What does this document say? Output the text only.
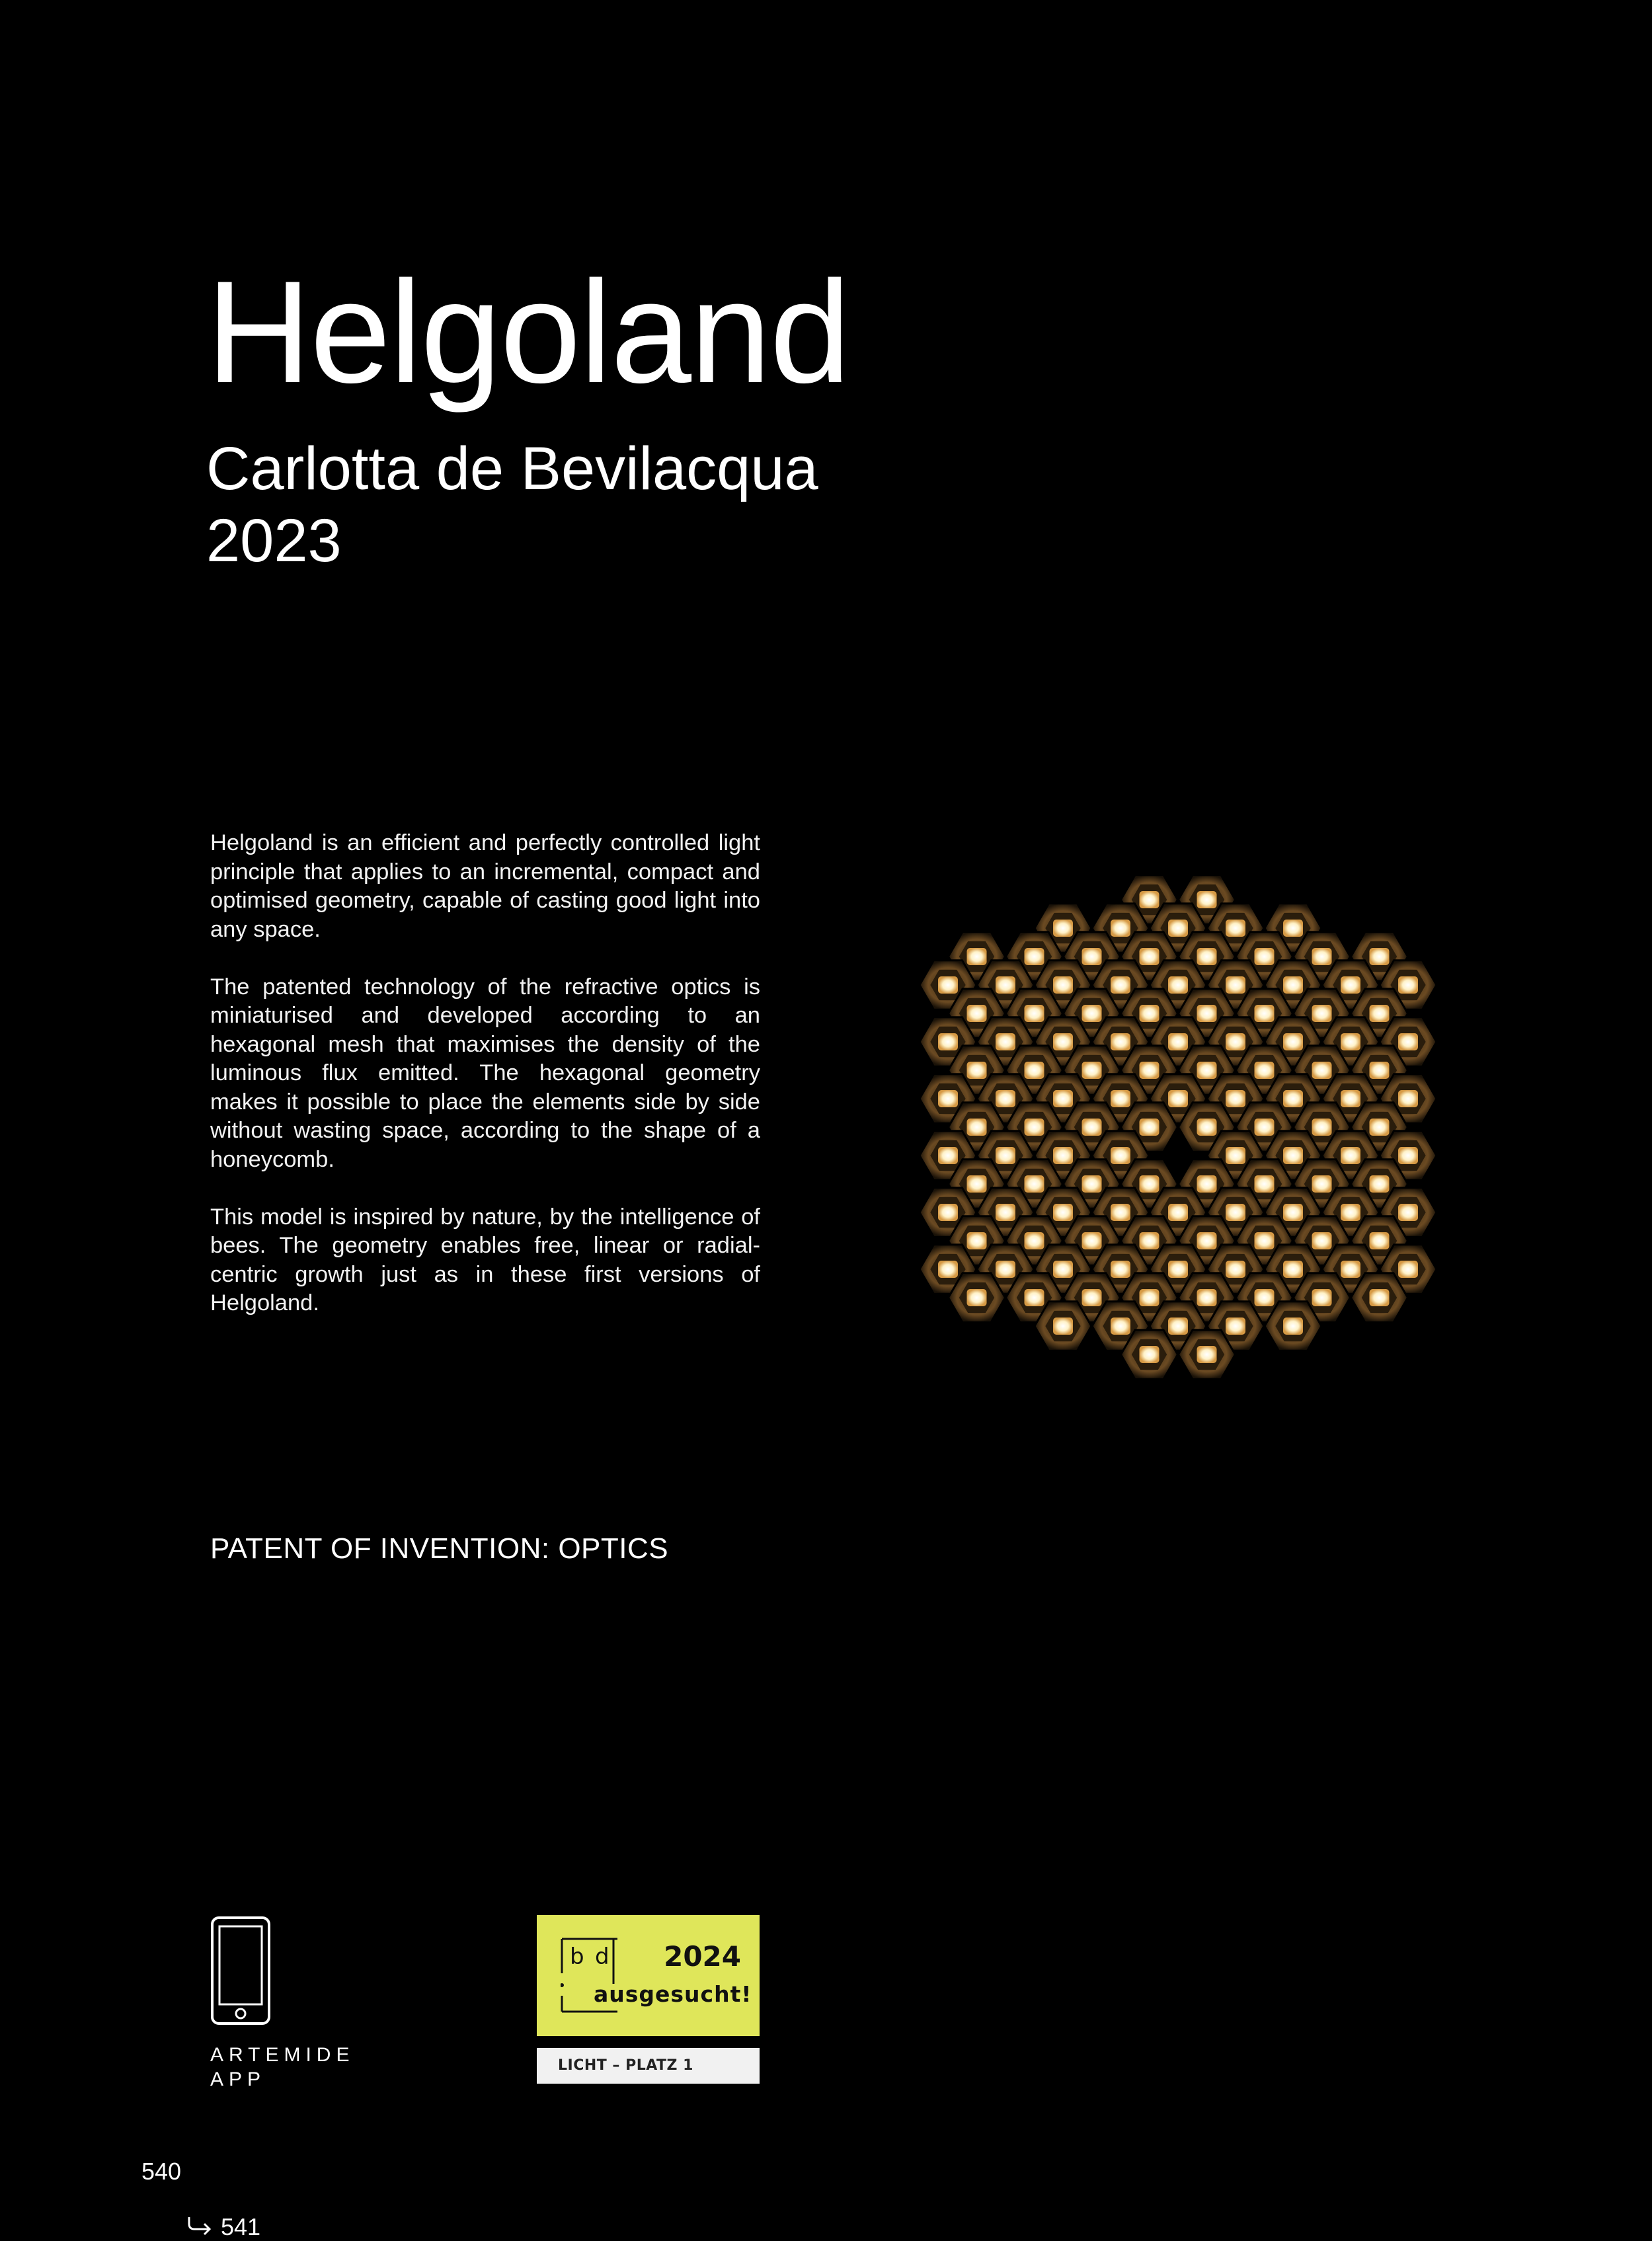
Helgoland
Carlotta de Bevilacqua
2023

Helgoland is an efficient and perfectly controlled light principle that applies to an incremental, compact and optimised geometry, capable of casting good light into any space.

The patented technology of the refractive optics is miniaturised and developed according to an hexagonal mesh that maximises the density of the luminous flux emitted. The hexagonal geometry makes it possible to place the elements side by side without wasting space, according to the shape of a honeycomb.

This model is inspired by nature, by the intelligence of bees. The geometry enables free, linear or radial-centric growth just as in these first versions of Helgoland.

PATENT OF INVENTION: OPTICS
ARTEMIDE
APP
b d 2024
ausgesucht!
LICHT – PLATZ 1
540
541
